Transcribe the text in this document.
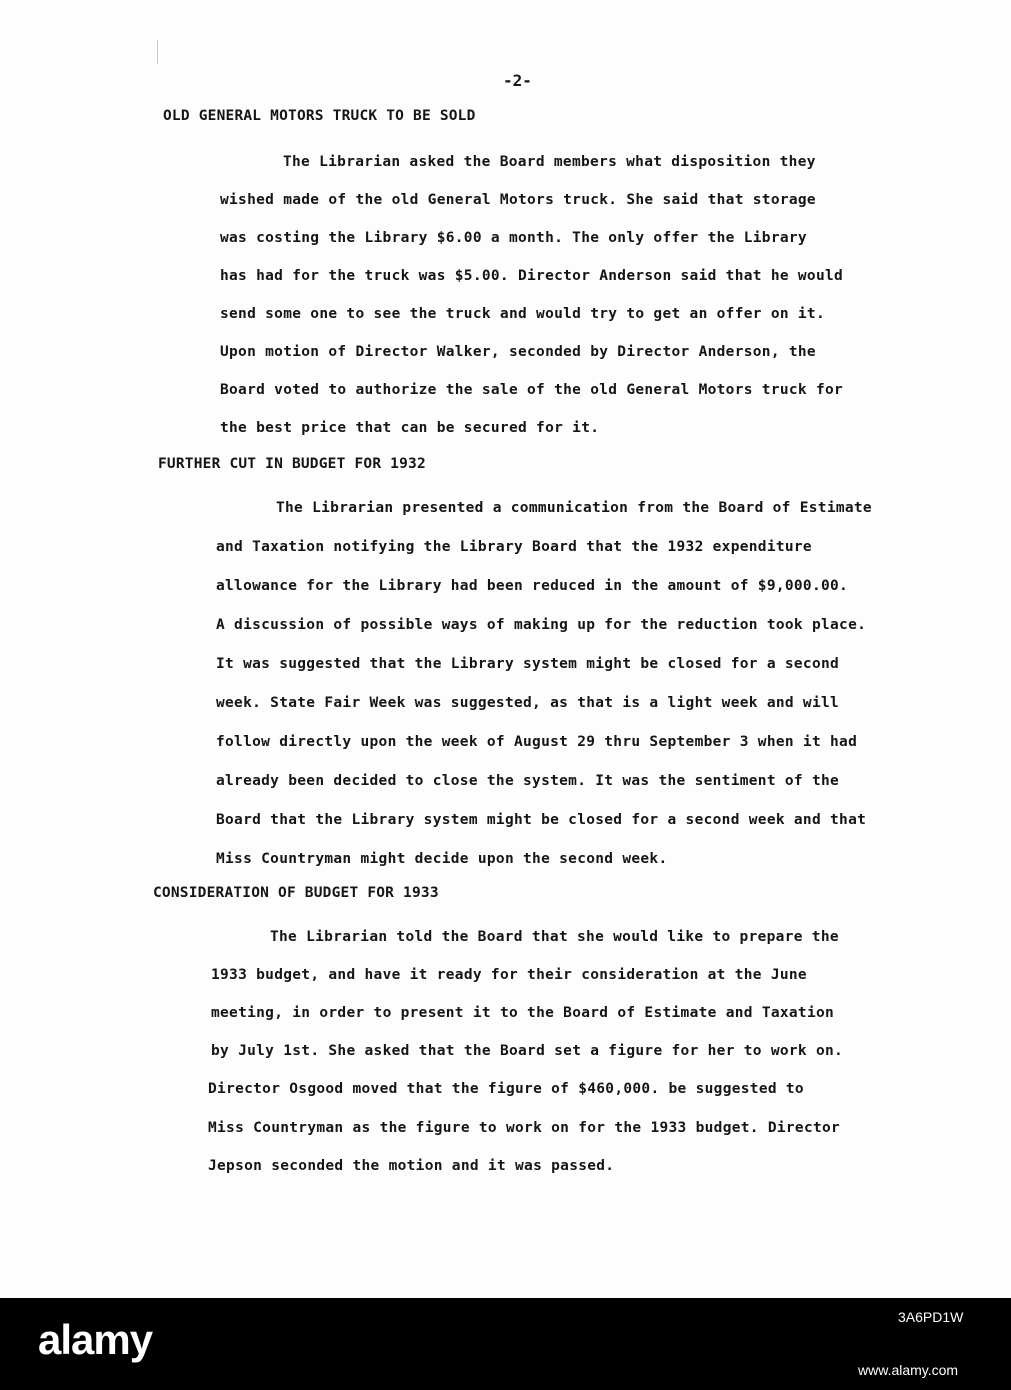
-2-
OLD GENERAL MOTORS TRUCK TO BE SOLD
The Librarian asked the Board members what disposition they
wished made of the old General Motors truck. She said that storage
was costing the Library $6.00 a month. The only offer the Library
has had for the truck was $5.00. Director Anderson said that he would
send some one to see the truck and would try to get an offer on it.
Upon motion of Director Walker, seconded by Director Anderson, the
Board voted to authorize the sale of the old General Motors truck for
the best price that can be secured for it.
FURTHER CUT IN BUDGET FOR 1932
The Librarian presented a communication from the Board of Estimate
and Taxation notifying the Library Board that the 1932 expenditure
allowance for the Library had been reduced in the amount of $9,000.00.
A discussion of possible ways of making up for the reduction took place.
It was suggested that the Library system might be closed for a second
week. State Fair Week was suggested, as that is a light week and will
follow directly upon the week of August 29 thru September 3 when it had
already been decided to close the system. It was the sentiment of the
Board that the Library system might be closed for a second week and that
Miss Countryman might decide upon the second week.
CONSIDERATION OF BUDGET FOR 1933
The Librarian told the Board that she would like to prepare the
1933 budget, and have it ready for their consideration at the June
meeting, in order to present it to the Board of Estimate and Taxation
by July 1st. She asked that the Board set a figure for her to work on.
Director Osgood moved that the figure of $460,000. be suggested to
Miss Countryman as the figure to work on for the 1933 budget. Director
Jepson seconded the motion and it was passed.
alamy	3A6PD1W
www.alamy.com
